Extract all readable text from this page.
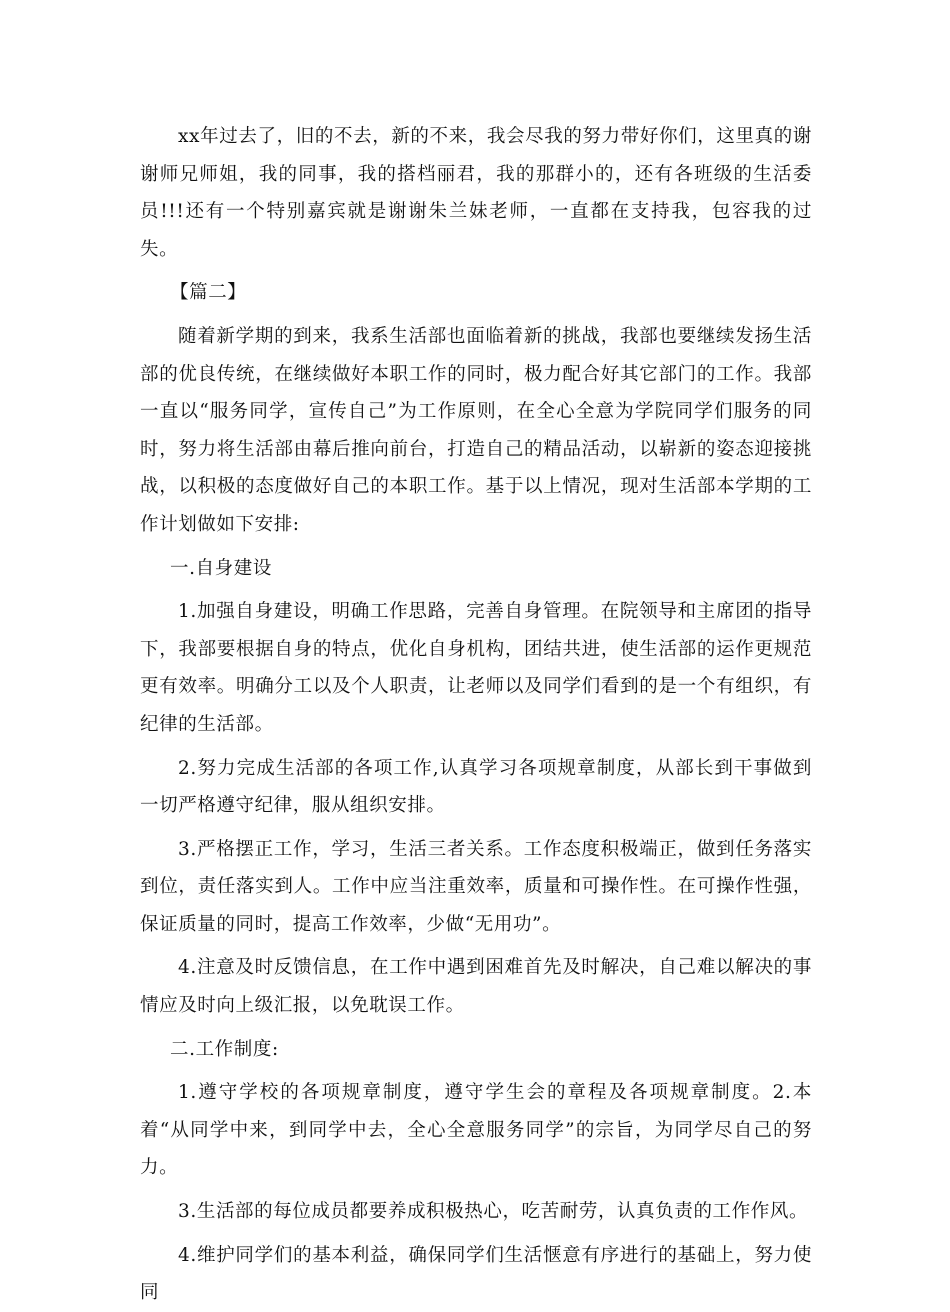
xx年过去了，旧的不去，新的不来，我会尽我的努力带好你们，这里真的谢谢师兄师姐，我的同事，我的搭档丽君，我的那群小的，还有各班级的生活委员!!!还有一个特别嘉宾就是谢谢朱兰妹老师，一直都在支持我，包容我的过失。

【篇二】

随着新学期的到来，我系生活部也面临着新的挑战，我部也要继续发扬生活部的优良传统，在继续做好本职工作的同时，极力配合好其它部门的工作。我部一直以“服务同学，宣传自己”为工作原则，在全心全意为学院同学们服务的同时，努力将生活部由幕后推向前台，打造自己的精品活动，以崭新的姿态迎接挑战，以积极的态度做好自己的本职工作。基于以上情况，现对生活部本学期的工作计划做如下安排:

一.自身建设

1.加强自身建设，明确工作思路，完善自身管理。在院领导和主席团的指导下，我部要根据自身的特点，优化自身机构，团结共进，使生活部的运作更规范更有效率。明确分工以及个人职责，让老师以及同学们看到的是一个有组织，有纪律的生活部。

2.努力完成生活部的各项工作,认真学习各项规章制度，从部长到干事做到一切严格遵守纪律，服从组织安排。

3.严格摆正工作，学习，生活三者关系。工作态度积极端正，做到任务落实到位，责任落实到人。工作中应当注重效率，质量和可操作性。在可操作性强，保证质量的同时，提高工作效率，少做“无用功”。

4.注意及时反馈信息，在工作中遇到困难首先及时解决，自己难以解决的事情应及时向上级汇报，以免耽误工作。

二.工作制度:

1.遵守学校的各项规章制度，遵守学生会的章程及各项规章制度。2.本着“从同学中来，到同学中去，全心全意服务同学”的宗旨，为同学尽自己的努力。

3.生活部的每位成员都要养成积极热心，吃苦耐劳，认真负责的工作作风。

4.维护同学们的基本利益，确保同学们生活惬意有序进行的基础上，努力使同
